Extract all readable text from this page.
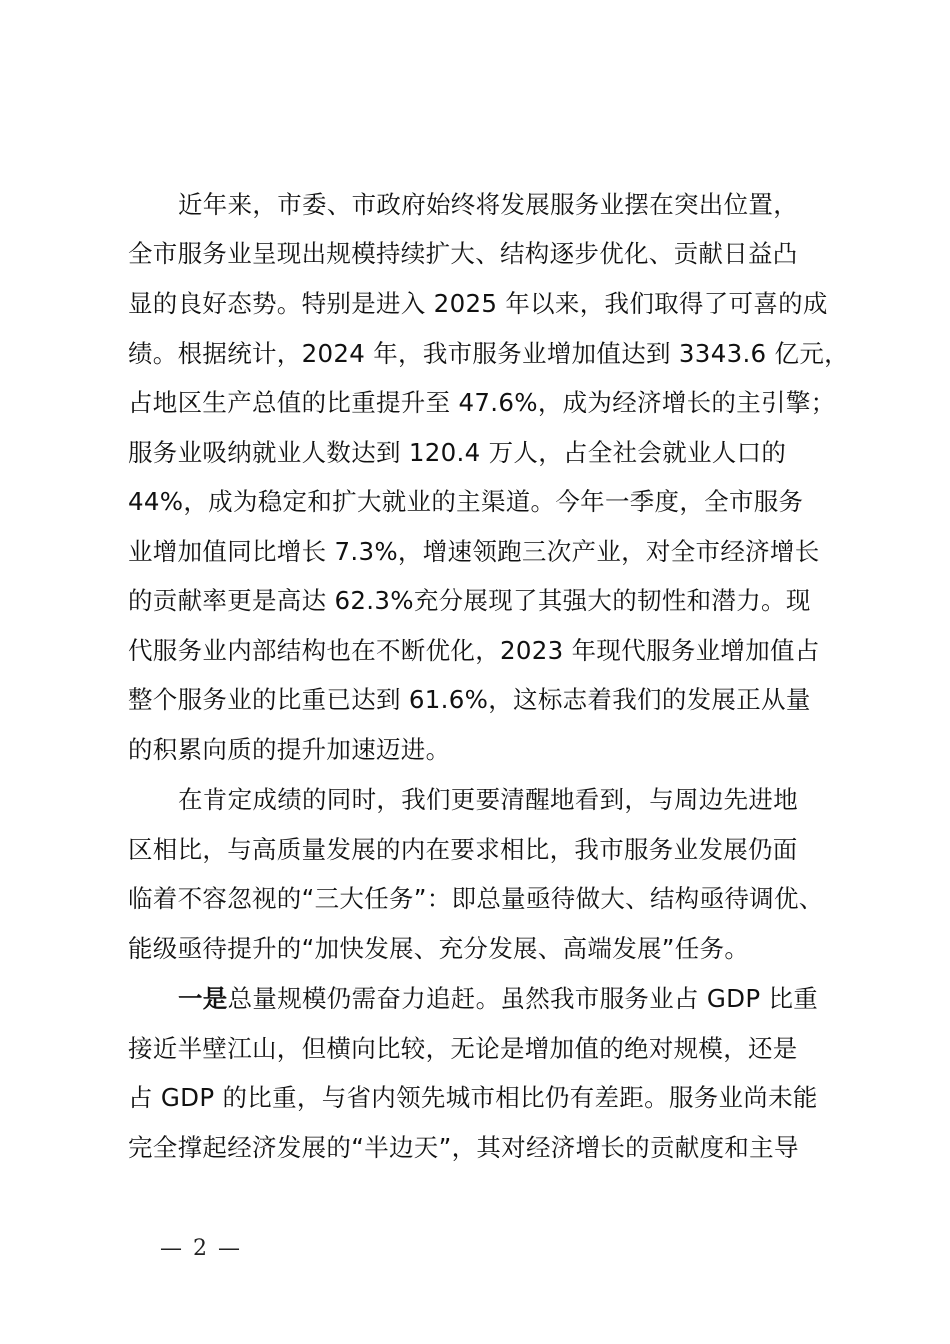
近年来，市委、市政府始终将发展服务业摆在突出位置，
全市服务业呈现出规模持续扩大、结构逐步优化、贡献日益凸
显的良好态势。特别是进入 2025 年以来，我们取得了可喜的成
绩。根据统计，2024 年，我市服务业增加值达到 3343.6 亿元，
占地区生产总值的比重提升至 47.6%，成为经济增长的主引擎；
服务业吸纳就业人数达到 120.4 万人，占全社会就业人口的
44%，成为稳定和扩大就业的主渠道。今年一季度，全市服务
业增加值同比增长 7.3%，增速领跑三次产业，对全市经济增长
的贡献率更是高达 62.3%充分展现了其强大的韧性和潜力。现
代服务业内部结构也在不断优化，2023 年现代服务业增加值占
整个服务业的比重已达到 61.6%，这标志着我们的发展正从量
的积累向质的提升加速迈进。
在肯定成绩的同时，我们更要清醒地看到，与周边先进地
区相比，与高质量发展的内在要求相比，我市服务业发展仍面
临着不容忽视的“三大任务”：即总量亟待做大、结构亟待调优、
能级亟待提升的“加快发展、充分发展、高端发展”任务。
一是总量规模仍需奋力追赶。虽然我市服务业占 GDP 比重
接近半壁江山，但横向比较，无论是增加值的绝对规模，还是
占 GDP 的比重，与省内领先城市相比仍有差距。服务业尚未能
完全撑起经济发展的“半边天”，其对经济增长的贡献度和主导
— 2 —
